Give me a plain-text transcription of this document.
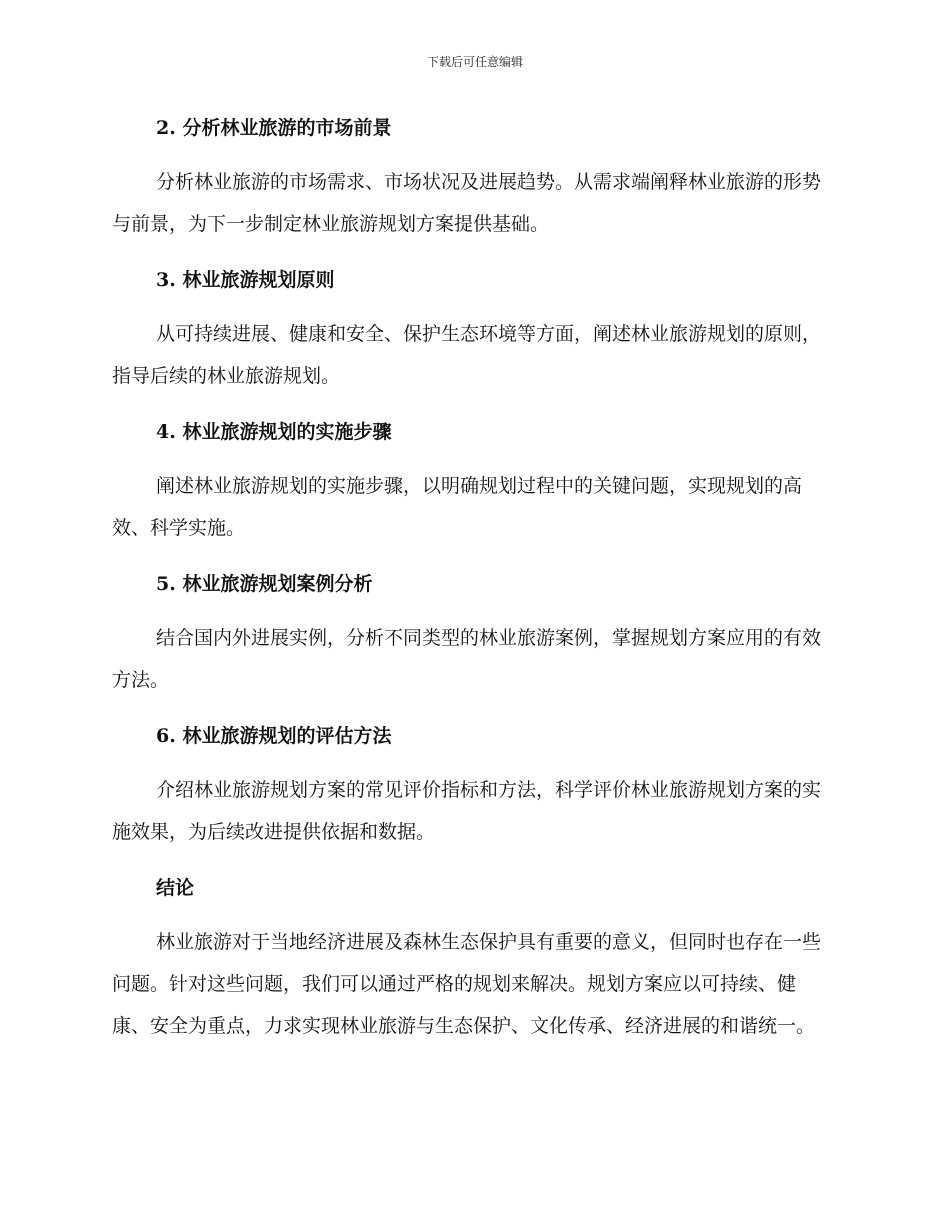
下载后可任意编辑
2. 分析林业旅游的市场前景
分析林业旅游的市场需求、市场状况及进展趋势。从需求端阐释林业旅游的形势与前景，为下一步制定林业旅游规划方案提供基础。
3. 林业旅游规划原则
从可持续进展、健康和安全、保护生态环境等方面，阐述林业旅游规划的原则，指导后续的林业旅游规划。
4. 林业旅游规划的实施步骤
阐述林业旅游规划的实施步骤，以明确规划过程中的关键问题，实现规划的高效、科学实施。
5. 林业旅游规划案例分析
结合国内外进展实例，分析不同类型的林业旅游案例，掌握规划方案应用的有效方法。
6. 林业旅游规划的评估方法
介绍林业旅游规划方案的常见评价指标和方法，科学评价林业旅游规划方案的实施效果，为后续改进提供依据和数据。
结论
林业旅游对于当地经济进展及森林生态保护具有重要的意义，但同时也存在一些问题。针对这些问题，我们可以通过严格的规划来解决。规划方案应以可持续、健康、安全为重点，力求实现林业旅游与生态保护、文化传承、经济进展的和谐统一。
